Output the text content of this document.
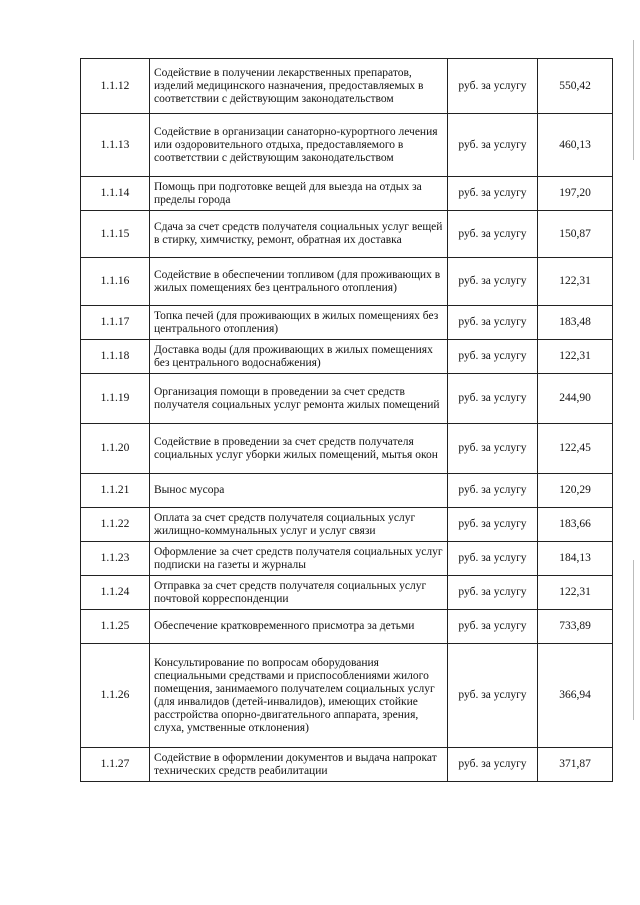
1.1.12	Содействие в получении лекарственных препаратов, изделий медицинского назначения, предоставляемых в соответствии с действующим законодательством	руб. за услугу	550,42
1.1.13	Содействие в организации санаторно-курортного лечения или оздоровительного отдыха, предоставляемого в соответствии с действующим законодательством	руб. за услугу	460,13
1.1.14	Помощь при подготовке вещей для выезда на отдых за пределы города	руб. за услугу	197,20
1.1.15	Сдача за счет средств получателя социальных услуг вещей в стирку, химчистку, ремонт, обратная их доставка	руб. за услугу	150,87
1.1.16	Содействие в обеспечении топливом (для проживающих в жилых помещениях без центрального отопления)	руб. за услугу	122,31
1.1.17	Топка печей (для проживающих в жилых помещениях без центрального отопления)	руб. за услугу	183,48
1.1.18	Доставка воды (для проживающих в жилых помещениях без центрального водоснабжения)	руб. за услугу	122,31
1.1.19	Организация помощи в проведении за счет средств получателя социальных услуг ремонта жилых помещений	руб. за услугу	244,90
1.1.20	Содействие в проведении за счет средств получателя социальных услуг уборки жилых помещений, мытья окон	руб. за услугу	122,45
1.1.21	Вынос мусора	руб. за услугу	120,29
1.1.22	Оплата за счет средств получателя социальных услуг жилищно-коммунальных услуг и услуг связи	руб. за услугу	183,66
1.1.23	Оформление за счет средств получателя социальных услуг подписки на газеты и журналы	руб. за услугу	184,13
1.1.24	Отправка за счет средств получателя социальных услуг почтовой корреспонденции	руб. за услугу	122,31
1.1.25	Обеспечение кратковременного присмотра за детьми	руб. за услугу	733,89
1.1.26	Консультирование по вопросам оборудования специальными средствами и приспособлениями жилого помещения, занимаемого получателем социальных услуг (для инвалидов (детей-инвалидов), имеющих стойкие расстройства опорно-двигательного аппарата, зрения, слуха, умственные отклонения)	руб. за услугу	366,94
1.1.27	Содействие в оформлении документов и выдача напрокат технических средств реабилитации	руб. за услугу	371,87
